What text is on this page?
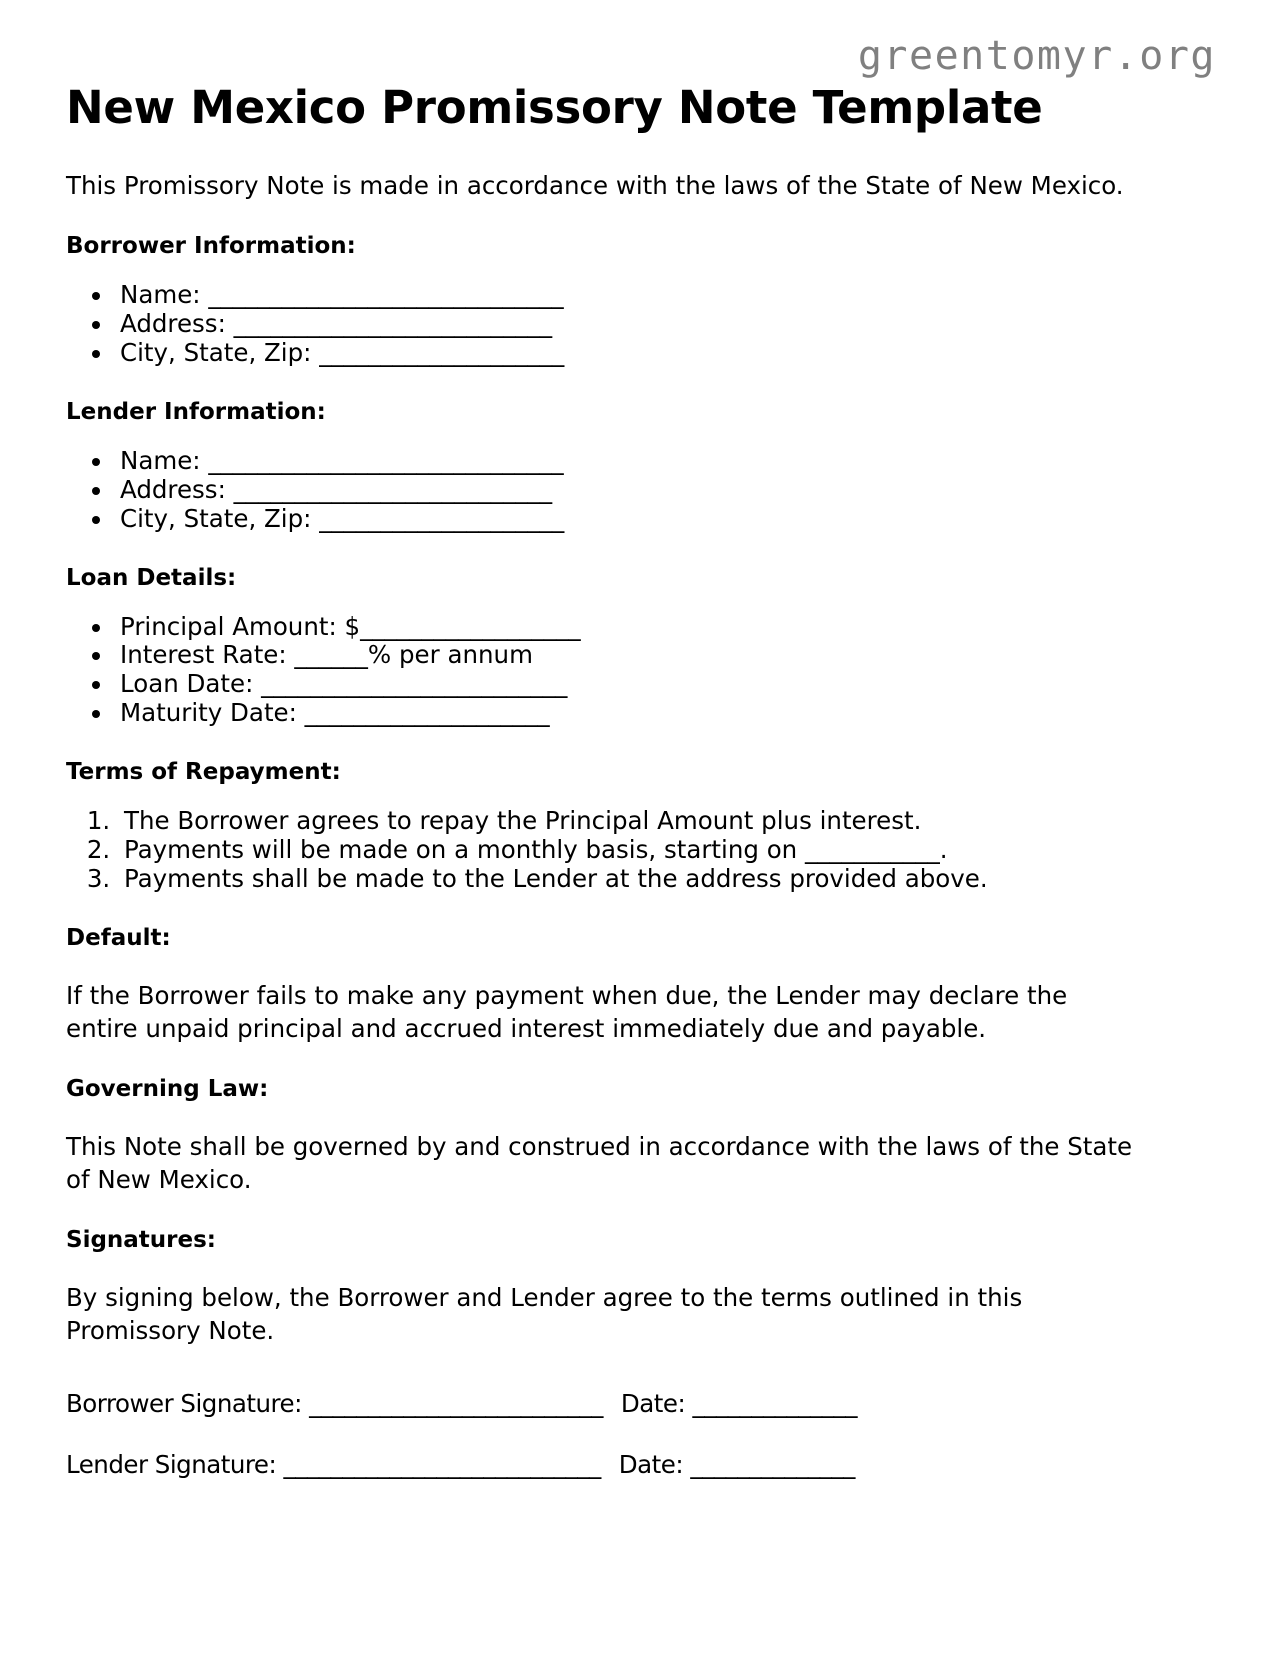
greentomyr.org
New Mexico Promissory Note Template

This Promissory Note is made in accordance with the laws of the State of New Mexico.

Borrower Information:
• Name: _____________________________
• Address: __________________________
• City, State, Zip: ____________________
Lender Information:
• Name: _____________________________
• Address: __________________________
• City, State, Zip: ____________________
Loan Details:
• Principal Amount: $__________________
• Interest Rate: ______% per annum
• Loan Date: _________________________
• Maturity Date: ____________________
Terms of Repayment:
1. The Borrower agrees to repay the Principal Amount plus interest.
2. Payments will be made on a monthly basis, starting on ___________.
3. Payments shall be made to the Lender at the address provided above.
Default:

If the Borrower fails to make any payment when due, the Lender may declare the entire unpaid principal and accrued interest immediately due and payable.

Governing Law:

This Note shall be governed by and construed in accordance with the laws of the State of New Mexico.

Signatures:

By signing below, the Borrower and Lender agree to the terms outlined in this Promissory Note.

Borrower Signature: _________________________ Date: ______________
Lender Signature: ___________________________ Date: ______________
